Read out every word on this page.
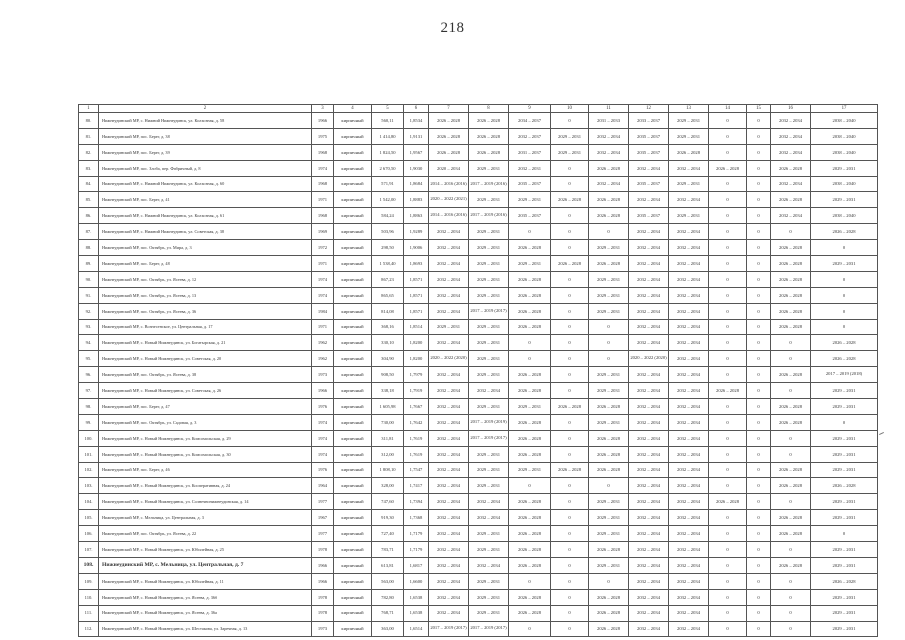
218
1	2	3	4	5	6	7	8	9	10	11	12	13	14	15	16	17
80.	Нижнеудинский МР, с. Нижний Нижнеудинск, ул. Колхозная, д. 58	1966	кирпичный	560,11	1,8534	2026 – 2028	2026 – 2028	2034 – 2037	0	2031 – 2033	2033 – 2037	2029 – 2031	0	0	2032 – 2034	2038 – 2040
81.	Нижнеудинский МР, пос. Берег, д. 38	1975	кирпичный	1 414,80	1,9131	2026 – 2028	2026 – 2028	2032 – 2037	2029 – 2031	2032 – 2034	2035 – 2037	2029 – 2031	0	0	2032 – 2034	2038 – 2040
82.	Нижнеудинский МР, пос. Берег, д. 39	1968	кирпичный	1 824,50	1,9567	2026 – 2028	2026 – 2028	2031 – 2037	2029 – 2031	2032 – 2034	2035 – 2037	2026 – 2028	0	0	2032 – 2034	2038 – 2040
83.	Нижнеудинский МР, пос. Злоба, пер. Фабричный, д. 8	1974	кирпичный	2 670,50	1,9030	2020 – 2034	2029 – 2031	2032 – 2031	0	2026 – 2028	2032 – 2034	2032 – 2034	2026 – 2028	0	2026 – 2028	2029 – 2031
84.	Нижнеудинский МР, с. Нижний Нижнеудинск, ул. Колхозная, д. 60	1968	кирпичный	571,91	1,8684	2014 – 2016 (2016)	2017 – 2019 (2016)	2035 – 2037	0	2032 – 2034	2035 – 2037	2029 – 2031	0	0	2032 – 2034	2038 – 2040
85.	Нижнеудинский МР, пос. Берег, д. 41	1971	кирпичный	1 542,00	1,8883	2020 – 2022 (2021)	2029 – 2031	2029 – 2031	2026 – 2028	2026 – 2028	2032 – 2034	2032 – 2034	0	0	2026 – 2028	2029 – 2031
86.	Нижнеудинский МР, с. Нижний Нижнеудинск, ул. Колхозная, д. 61	1968	кирпичный	584,24	1,8863	2014 – 2016 (2016)	2017 – 2019 (2016)	2035 – 2037	0	2026 – 2028	2035 – 2037	2029 – 2031	0	0	2032 – 2034	2038 – 2040
87.	Нижнеудинский МР, с. Нижний Нижнеудинск, ул. Советская, д. 38	1969	кирпичный	503,96	1,9289	2032 – 2034	2029 – 2031	0	0	0	2032 – 2034	2032 – 2034	0	0	0	2026 – 2028
88.	Нижнеудинский МР, пос. Октябрь, ул. Мира, д. 3	1972	кирпичный	298,50	1,9006	2032 – 2034	2029 – 2031	2026 – 2028	0	2029 – 2031	2032 – 2034	2032 – 2034	0	0	2026 – 2028	0
89.	Нижнеудинский МР, пос. Берег, д. 48	1971	кирпичный	1 538,40	1,8693	2032 – 2034	2029 – 2031	2029 – 2031	2026 – 2028	2026 – 2028	2032 – 2034	2032 – 2034	0	0	2026 – 2028	2029 – 2031
90.	Нижнеудинский МР, пос. Октябрь, ул. Ясеева, д. 12	1974	кирпичный	867,23	1,8571	2032 – 2034	2029 – 2031	2026 – 2028	0	2029 – 2031	2032 – 2034	2032 – 2034	0	0	2026 – 2028	0
91.	Нижнеудинский МР, пос. Октябрь, ул. Ясеева, д. 13	1974	кирпичный	865,65	1,8571	2032 – 2034	2029 – 2031	2026 – 2028	0	2029 – 2031	2032 – 2034	2032 – 2034	0	0	2026 – 2028	0
92.	Нижнеудинский МР, пос. Октябрь, ул. Ясеева, д. 36	1984	кирпичный	814,08	1,8571	2032 – 2034	2017 – 2019 (2017)	2026 – 2028	0	2029 – 2031	2032 – 2034	2032 – 2034	0	0	2026 – 2028	0
93.	Нижнеудинский МР, с. Вознесенское, ул. Центральная, д. 17	1971	кирпичный	368,16	1,8514	2029 – 2031	2029 – 2031	2026 – 2028	0	0	2032 – 2034	2032 – 2034	0	0	2026 – 2028	0
94.	Нижнеудинский МР, с. Новый Нижнеудинск, ул. Богатырская, д. 21	1962	кирпичный	330,10	1,8200	2032 – 2034	2029 – 2031	0	0	0	2032 – 2034	2032 – 2034	0	0	0	2026 – 2028
95.	Нижнеудинский МР, с. Новый Нижнеудинск, ул. Советская, д. 20	1962	кирпичный	304,90	1,8200	2020 – 2022 (2020)	2029 – 2031	0	0	0	2020 – 2022 (2020)	2032 – 2034	0	0	0	2026 – 2028
96.	Нижнеудинский МР, пос. Октябрь, ул. Ясеева, д. 38	1973	кирпичный	908,50	1,7979	2032 – 2034	2029 – 2031	2026 – 2028	0	2029 – 2031	2032 – 2034	2032 – 2034	0	0	2026 – 2028	2017 – 2019 (2018)
97.	Нижнеудинский МР, с. Новый Нижнеудинск, ул. Советская, д. 26	1966	кирпичный	338,18	1,7919	2032 – 2034	2032 – 2034	2026 – 2028	0	2029 – 2031	2032 – 2034	2032 – 2034	2026 – 2028	0	0	2029 – 2031
98.	Нижнеудинский МР, пос. Берег, д. 47	1976	кирпичный	1 605,98	1,7667	2032 – 2034	2029 – 2031	2029 – 2031	2026 – 2028	2026 – 2028	2032 – 2034	2032 – 2034	0	0	2026 – 2028	2029 – 2031
99.	Нижнеудинский МР, пос. Октябрь, ул. Садовая, д. 3	1974	кирпичный	730,00	1,7642	2032 – 2034	2017 – 2019 (2019)	2026 – 2028	0	2029 – 2031	2032 – 2034	2032 – 2034	0	0	2026 – 2028	0
100.	Нижнеудинский МР, с. Новый Нижнеудинск, ул. Комсомольская, д. 29	1974	кирпичный	311,81	1,7619	2032 – 2034	2017 – 2019 (2017)	2026 – 2028	0	2026 – 2028	2032 – 2034	2032 – 2034	0	0	0	2029 – 2031
101.	Нижнеудинский МР, с. Новый Нижнеудинск, ул. Комсомольская, д. 30	1974	кирпичный	312,00	1,7619	2032 – 2034	2029 – 2031	2026 – 2028	0	2026 – 2028	2032 – 2034	2032 – 2034	0	0	0	2029 – 2031
102.	Нижнеудинский МР, пос. Берег, д. 46	1976	кирпичный	1 808,10	1,7547	2032 – 2034	2029 – 2031	2029 – 2031	2026 – 2028	2026 – 2028	2032 – 2034	2032 – 2034	0	0	2026 – 2028	2029 – 2031
103.	Нижнеудинский МР, с. Новый Нижнеудинск, ул. Кооперативная, д. 24	1964	кирпичный	328,00	1,7417	2032 – 2034	2029 – 2031	0	0	0	2032 – 2034	2032 – 2034	0	0	2026 – 2028	2026 – 2028
104.	Нижнеудинский МР, с. Новый Нижнеудинск, ул. Солнечнонижнеудинская, д. 14	1977	кирпичный	747,60	1,7394	2032 – 2034	2032 – 2034	2026 – 2028	0	2029 – 2031	2032 – 2034	2032 – 2034	2026 – 2028	0	0	2029 – 2031
105.	Нижнеудинский МР, с. Мельница, ул. Центральная, д. 3	1967	кирпичный	919,30	1,7368	2032 – 2034	2032 – 2034	2026 – 2028	0	2029 – 2031	2032 – 2034	2032 – 2034	0	0	2026 – 2028	2029 – 2031
106.	Нижнеудинский МР, пос. Октябрь, ул. Ясеева, д. 22	1977	кирпичный	727,40	1,7179	2032 – 2034	2029 – 2031	2026 – 2028	0	2029 – 2031	2032 – 2034	2032 – 2034	0	0	2026 – 2028	0
107.	Нижнеудинский МР, с. Новый Нижнеудинск, ул. Юбилейная, д. 25	1978	кирпичный	783,71	1,7179	2032 – 2034	2029 – 2031	2026 – 2028	0	2026 – 2028	2032 – 2034	2032 – 2034	0	0	0	2029 – 2031
108.	Нижнеудинский МР, с. Мельница, ул. Центральная, д. 7	1966	кирпичный	613,81	1,6817	2032 – 2034	2032 – 2034	2026 – 2028	0	2029 – 2031	2032 – 2034	2032 – 2034	0	0	2026 – 2028	2029 – 2031
109.	Нижнеудинский МР, с. Новый Нижнеудинск, ул. Юбилейная, д. 11	1966	кирпичный	563,00	1,6600	2032 – 2034	2029 – 2031	0	0	0	2032 – 2034	2032 – 2034	0	0	0	2026 – 2028
110.	Нижнеудинский МР, с. Новый Нижнеудинск, ул. Ясеева, д. 36б	1978	кирпичный	782,80	1,6538	2032 – 2034	2029 – 2031	2026 – 2028	0	2026 – 2028	2032 – 2034	2032 – 2034	0	0	0	2029 – 2031
111.	Нижнеудинский МР, с. Новый Нижнеудинск, ул. Ясеева, д. 36а	1978	кирпичный	768,71	1,6538	2032 – 2034	2029 – 2031	2026 – 2028	0	2026 – 2028	2032 – 2034	2032 – 2034	0	0	0	2029 – 2031
112.	Нижнеудинский МР, с. Новый Нижнеудинск, ул. Шестакова, ул. Заречная, д. 13	1973	кирпичный	363,00	1,6514	2017 – 2019 (2017)	2017 – 2019 (2017)	0	0	2026 – 2028	2032 – 2034	2032 – 2034	0	0	0	2029 – 2031
